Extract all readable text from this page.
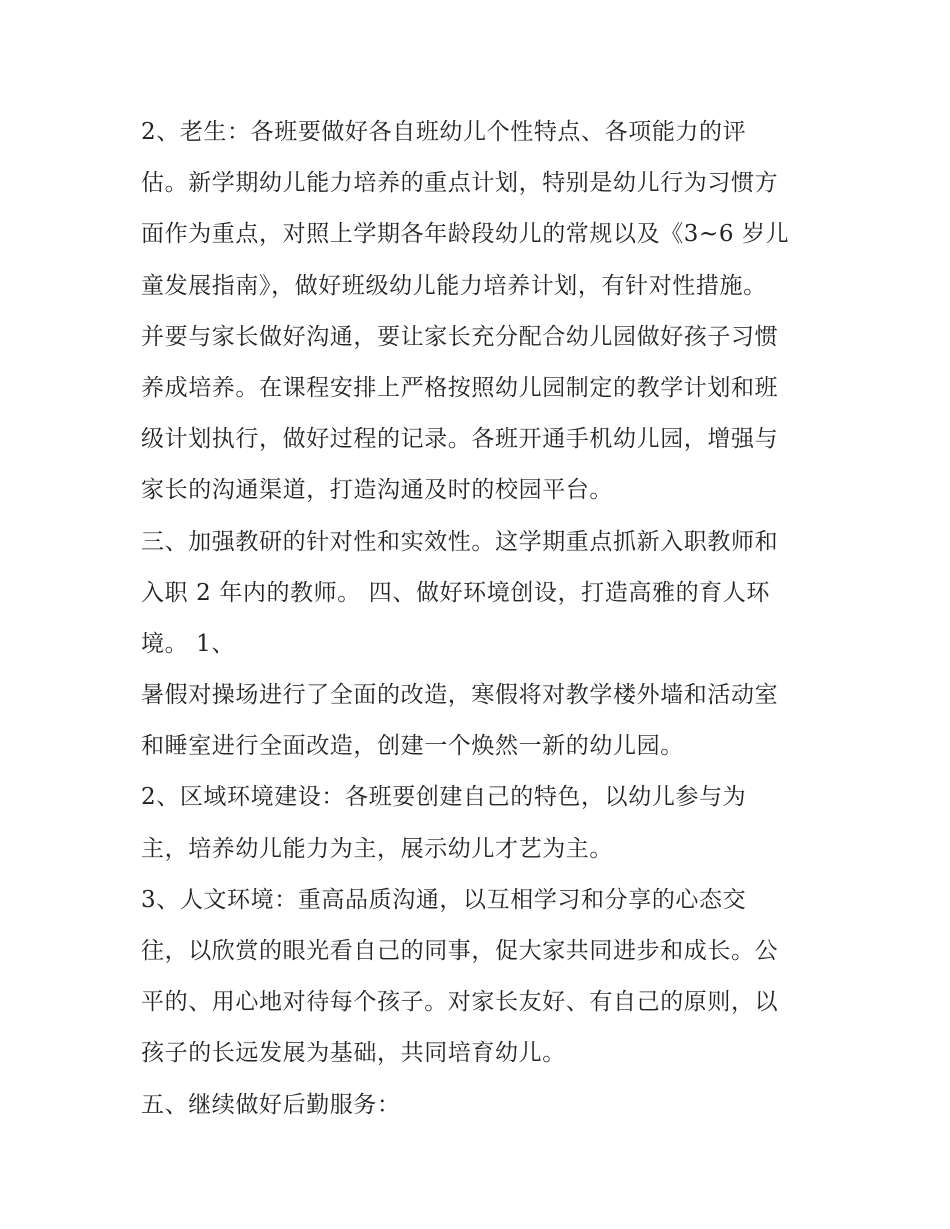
2、老生：各班要做好各自班幼儿个性特点、各项能力的评
估。新学期幼儿能力培养的重点计划，特别是幼儿行为习惯方
面作为重点，对照上学期各年龄段幼儿的常规以及《3~6 岁儿
童发展指南》，做好班级幼儿能力培养计划，有针对性措施。
并要与家长做好沟通，要让家长充分配合幼儿园做好孩子习惯
养成培养。在课程安排上严格按照幼儿园制定的教学计划和班
级计划执行，做好过程的记录。各班开通手机幼儿园，增强与
家长的沟通渠道，打造沟通及时的校园平台。
三、加强教研的针对性和实效性。这学期重点抓新入职教师和
入职 2 年内的教师。 四、做好环境创设，打造高雅的育人环
境。 1、
暑假对操场进行了全面的改造，寒假将对教学楼外墙和活动室
和睡室进行全面改造，创建一个焕然一新的幼儿园。
2、区域环境建设：各班要创建自己的特色，以幼儿参与为
主，培养幼儿能力为主，展示幼儿才艺为主。
3、人文环境：重高品质沟通，以互相学习和分享的心态交
往，以欣赏的眼光看自己的同事，促大家共同进步和成长。公
平的、用心地对待每个孩子。对家长友好、有自己的原则，以
孩子的长远发展为基础，共同培育幼儿。
五、继续做好后勤服务：
